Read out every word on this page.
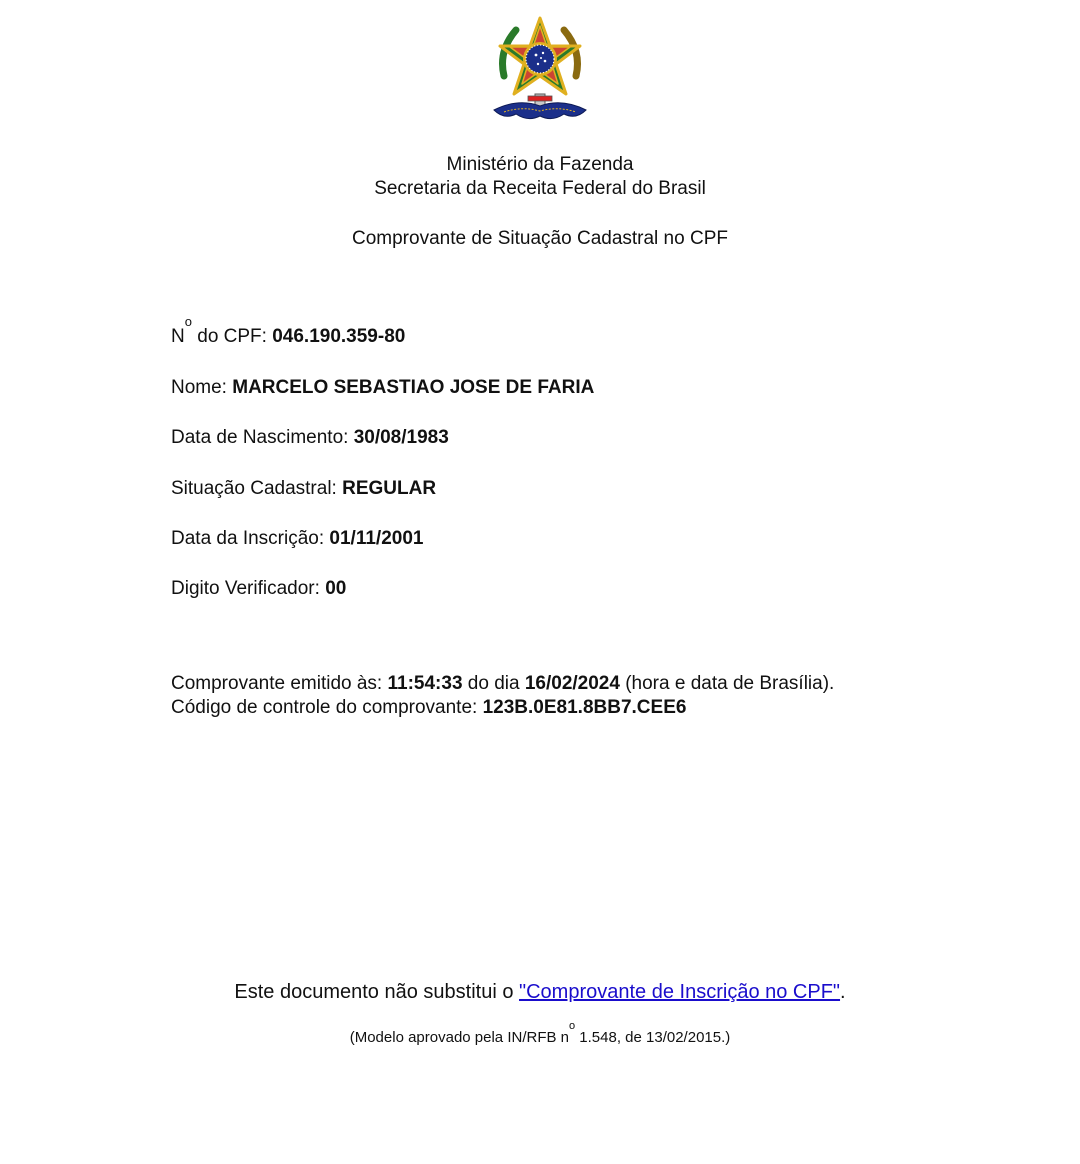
Ministério da Fazenda
Secretaria da Receita Federal do Brasil
Comprovante de Situação Cadastral no CPF
$N^o$ do CPF: 046.190.359-80
Nome: MARCELO SEBASTIAO JOSE DE FARIA
Data de Nascimento: 30/08/1983
Situação Cadastral: REGULAR
Data da Inscrição: 01/11/2001
Digito Verificador: 00
Comprovante emitido às: 11:54:33 do dia 16/02/2024 (hora e data de Brasília).
Código de controle do comprovante: 123B.0E81.8BB7.CEE6
Este documento não substitui o "Comprovante de Inscrição no CPF".
(Modelo aprovado pela IN/RFB $n^o$ 1.548, de 13/02/2015.)
